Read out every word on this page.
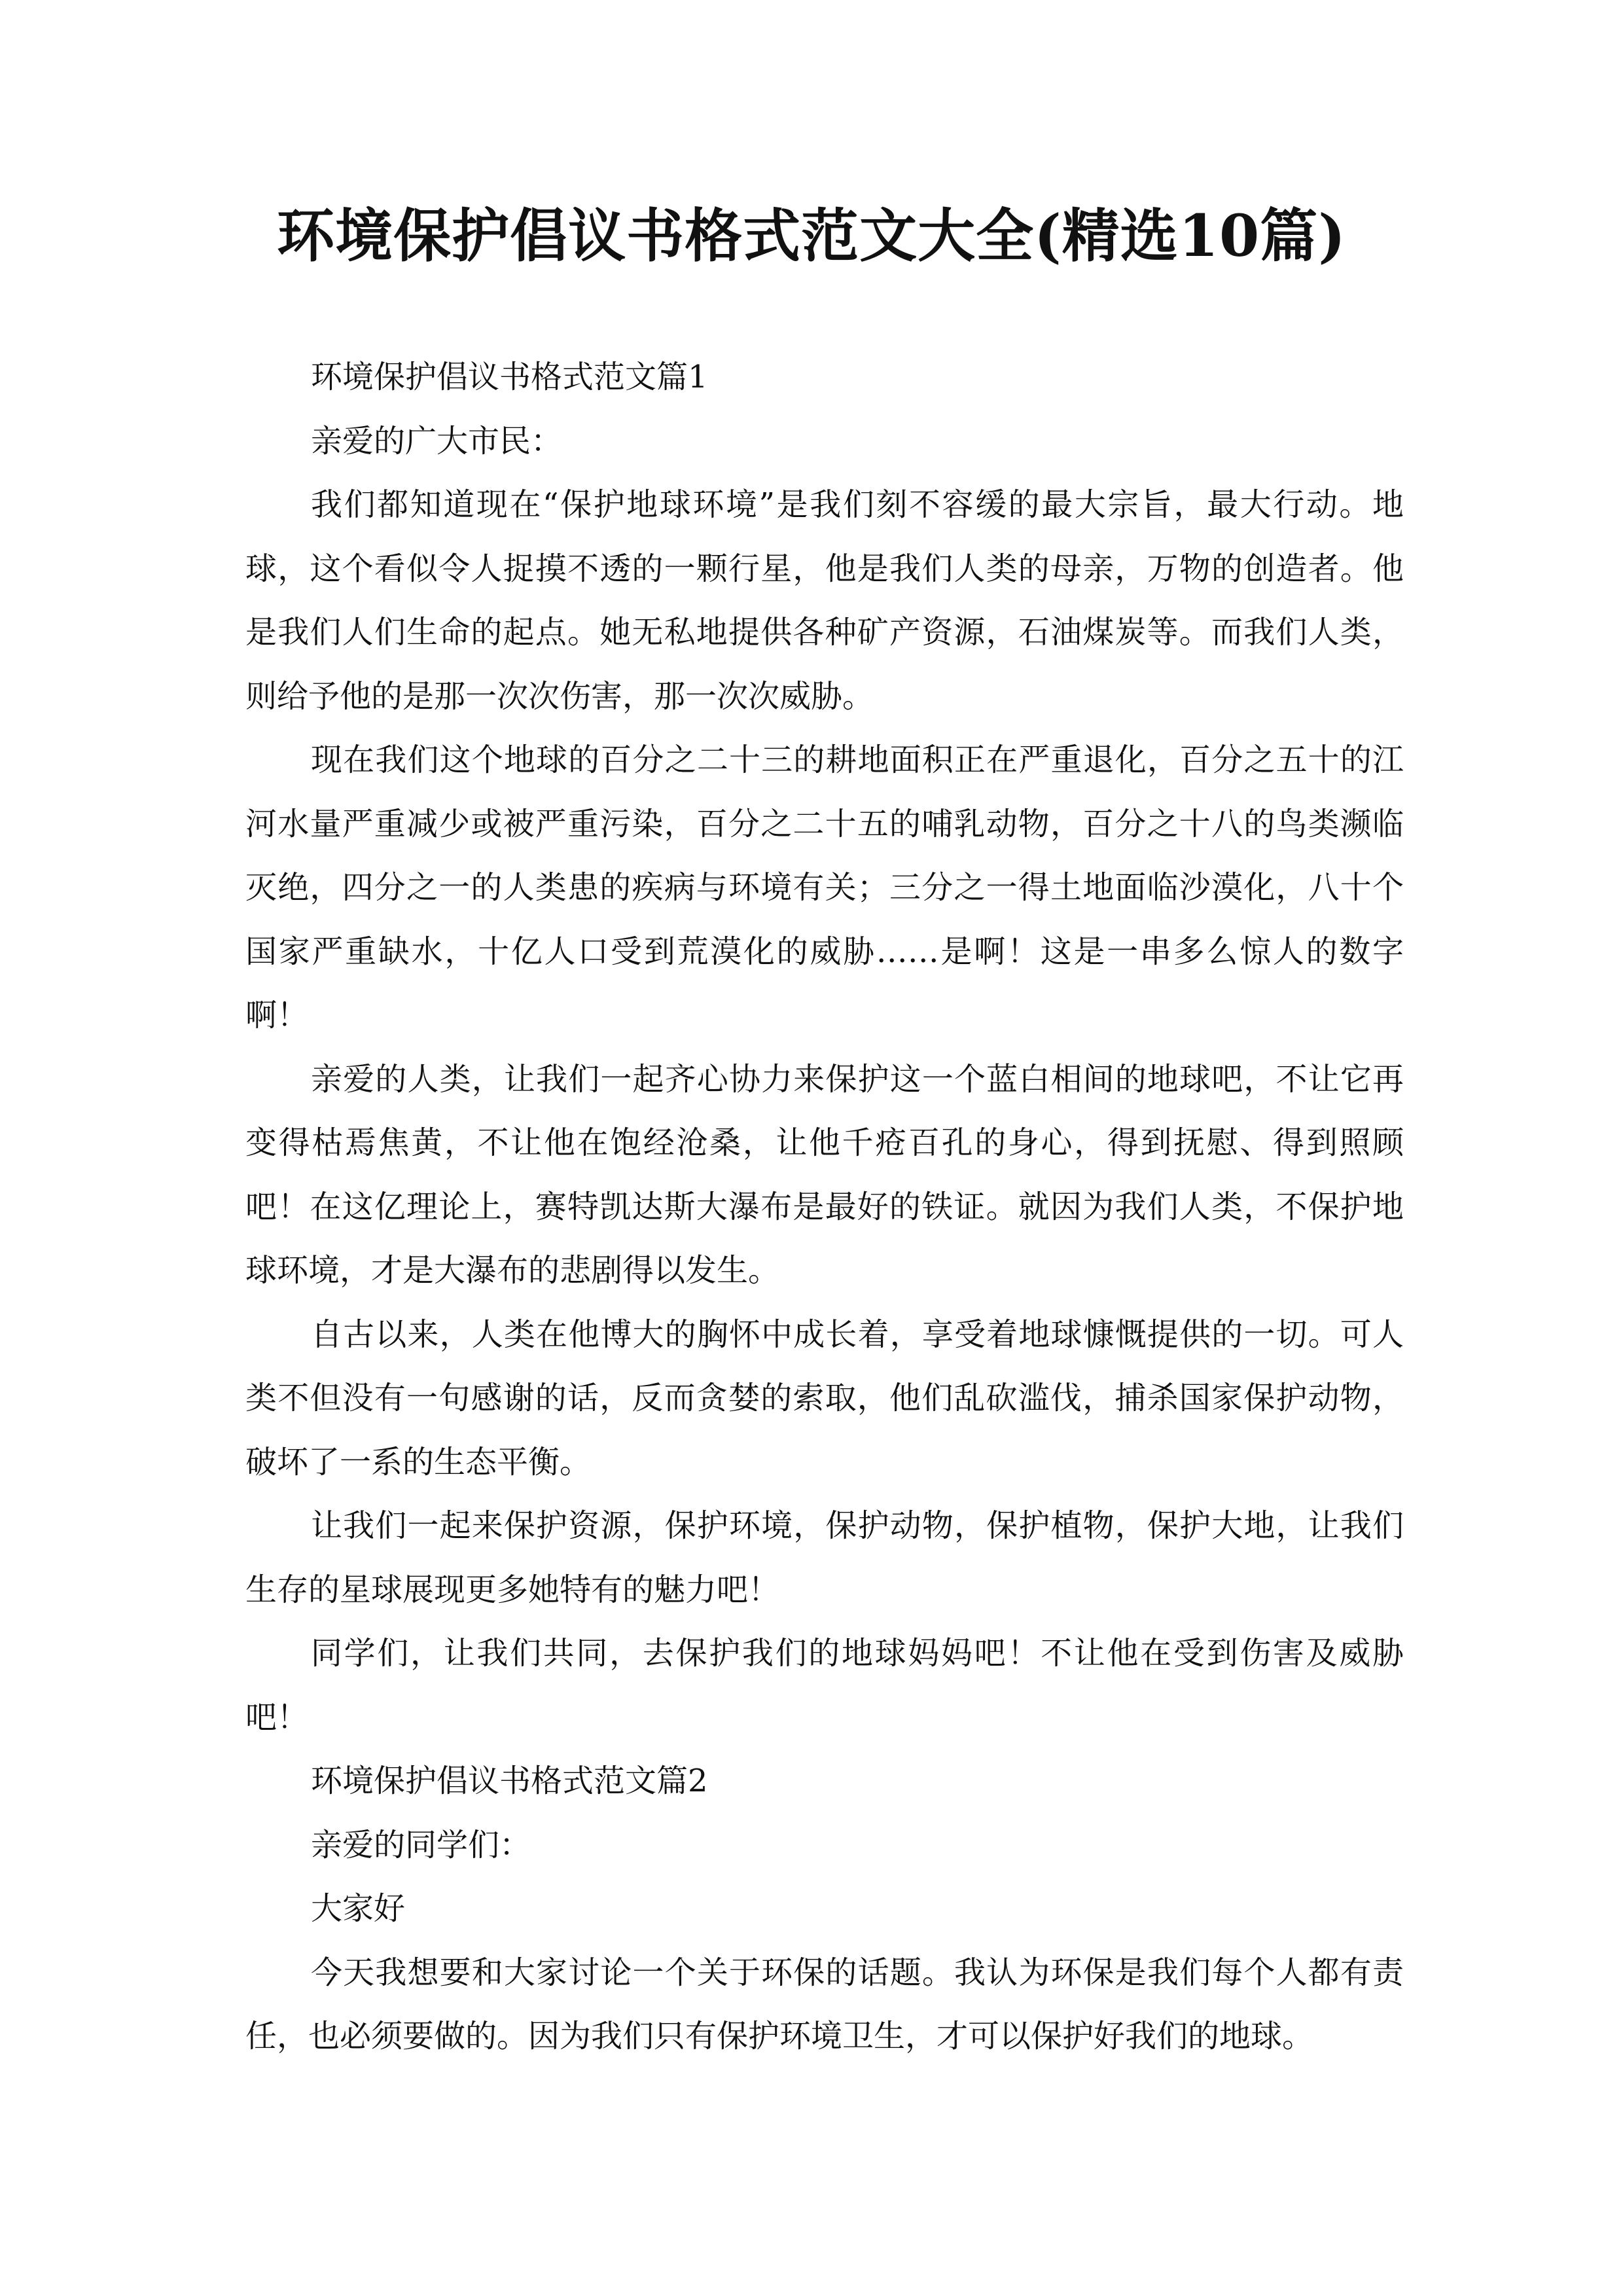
环境保护倡议书格式范文大全(精选10篇)

环境保护倡议书格式范文篇1

亲爱的广大市民：

我们都知道现在“保护地球环境”是我们刻不容缓的最大宗旨，最大行动。地球，这个看似令人捉摸不透的一颗行星，他是我们人类的母亲，万物的创造者。他是我们人们生命的起点。她无私地提供各种矿产资源，石油煤炭等。而我们人类，则给予他的是那一次次伤害，那一次次威胁。

现在我们这个地球的百分之二十三的耕地面积正在严重退化，百分之五十的江河水量严重减少或被严重污染，百分之二十五的哺乳动物，百分之十八的鸟类濒临灭绝，四分之一的人类患的疾病与环境有关；三分之一得土地面临沙漠化，八十个国家严重缺水，十亿人口受到荒漠化的威胁……是啊！这是一串多么惊人的数字啊！

亲爱的人类，让我们一起齐心协力来保护这一个蓝白相间的地球吧，不让它再变得枯焉焦黄，不让他在饱经沧桑，让他千疮百孔的身心，得到抚慰、得到照顾吧！在这亿理论上，赛特凯达斯大瀑布是最好的铁证。就因为我们人类，不保护地球环境，才是大瀑布的悲剧得以发生。

自古以来，人类在他博大的胸怀中成长着，享受着地球慷慨提供的一切。可人类不但没有一句感谢的话，反而贪婪的索取，他们乱砍滥伐，捕杀国家保护动物，破坏了一系的生态平衡。

让我们一起来保护资源，保护环境，保护动物，保护植物，保护大地，让我们生存的星球展现更多她特有的魅力吧！

同学们，让我们共同，去保护我们的地球妈妈吧！不让他在受到伤害及威胁吧！

环境保护倡议书格式范文篇2

亲爱的同学们：

大家好

今天我想要和大家讨论一个关于环保的话题。我认为环保是我们每个人都有责任，也必须要做的。因为我们只有保护环境卫生，才可以保护好我们的地球。
